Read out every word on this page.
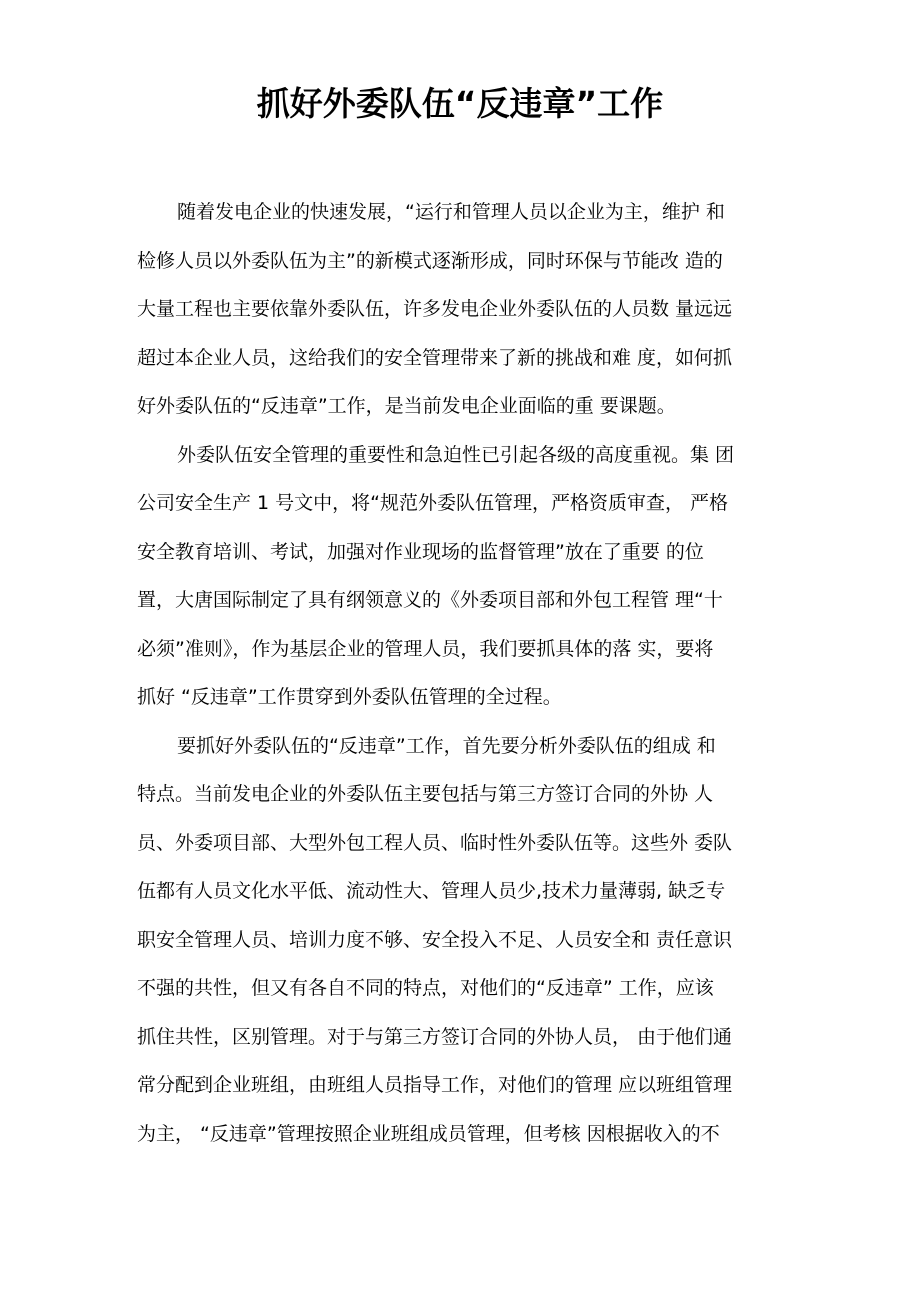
抓好外委队伍“反违章”工作
随着发电企业的快速发展，“运行和管理人员以企业为主，维护 和
检修人员以外委队伍为主”的新模式逐渐形成，同时环保与节能改 造的
大量工程也主要依靠外委队伍，许多发电企业外委队伍的人员数 量远远
超过本企业人员，这给我们的安全管理带来了新的挑战和难 度，如何抓
好外委队伍的“反违章”工作，是当前发电企业面临的重 要课题。
外委队伍安全管理的重要性和急迫性已引起各级的高度重视。集 团
公司安全生产 1 号文中，将“规范外委队伍管理，严格资质审查， 严格
安全教育培训、考试，加强对作业现场的监督管理”放在了重要 的位
置，大唐国际制定了具有纲领意义的《外委项目部和外包工程管 理“十
必须”准则》，作为基层企业的管理人员，我们要抓具体的落 实，要将
抓好 “反违章”工作贯穿到外委队伍管理的全过程。
要抓好外委队伍的“反违章”工作，首先要分析外委队伍的组成 和
特点。当前发电企业的外委队伍主要包括与第三方签订合同的外协 人
员、外委项目部、大型外包工程人员、临时性外委队伍等。这些外 委队
伍都有人员文化水平低、流动性大、管理人员少,技术力量薄弱, 缺乏专
职安全管理人员、培训力度不够、安全投入不足、人员安全和 责任意识
不强的共性，但又有各自不同的特点，对他们的“反违章” 工作，应该
抓住共性，区别管理。对于与第三方签订合同的外协人员， 由于他们通
常分配到企业班组，由班组人员指导工作，对他们的管理 应以班组管理
为主， “反违章”管理按照企业班组成员管理，但考核 因根据收入的不
